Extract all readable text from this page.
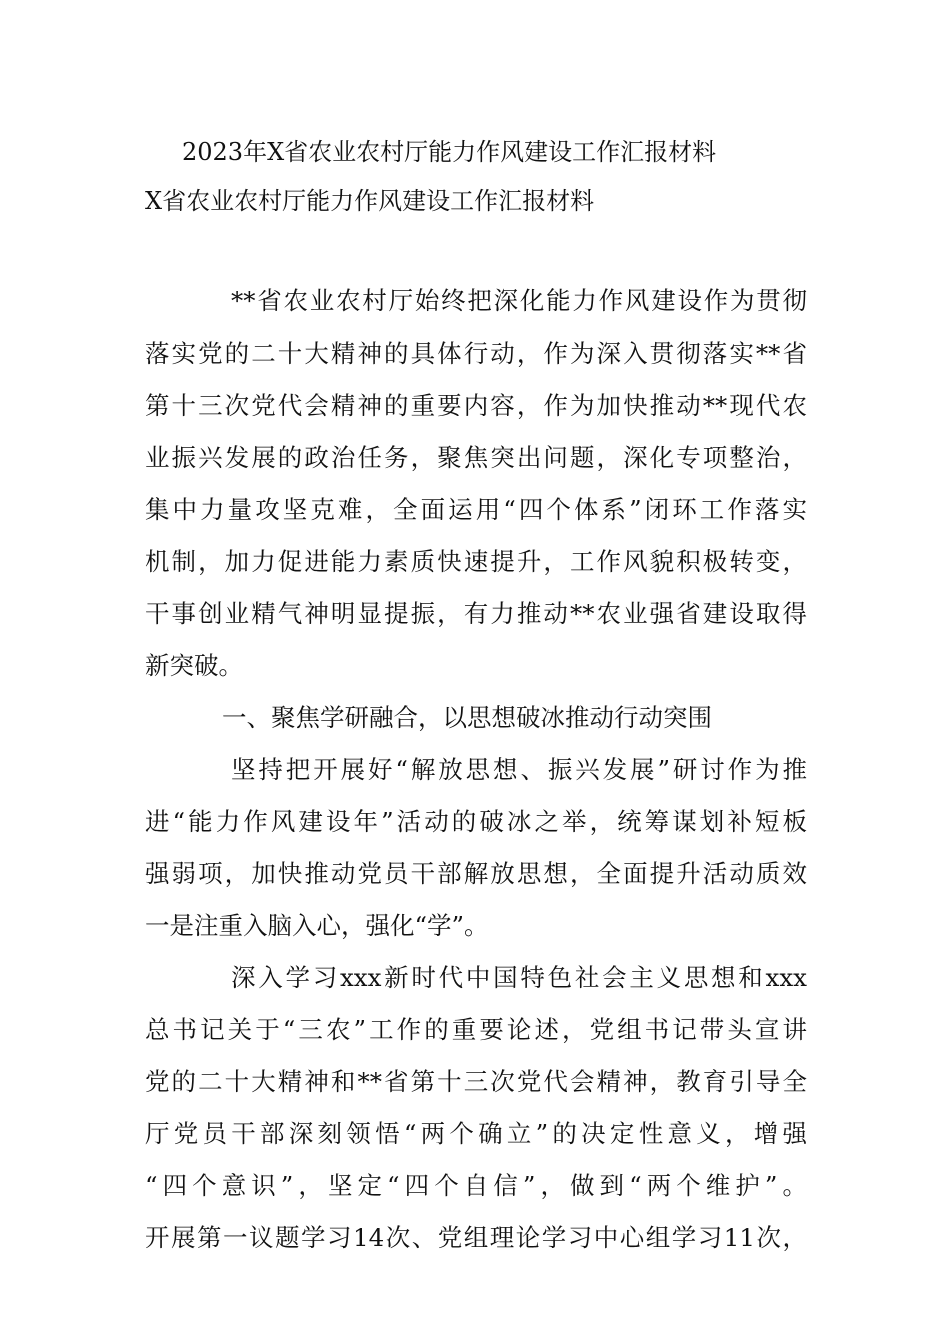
2023年X省农业农村厅能力作风建设工作汇报材料
X省农业农村厅能力作风建设工作汇报材料

**省农业农村厅始终把深化能力作风建设作为贯彻

落实党的二十大精神的具体行动，作为深入贯彻落实**省

第十三次党代会精神的重要内容，作为加快推动**现代农

业振兴发展的政治任务，聚焦突出问题，深化专项整治，

集中力量攻坚克难，全面运用“四个体系”闭环工作落实

机制，加力促进能力素质快速提升，工作风貌积极转变，

干事创业精气神明显提振，有力推动**农业强省建设取得

新突破。

一、聚焦学研融合，以思想破冰推动行动突围

坚持把开展好“解放思想、振兴发展”研讨作为推

进“能力作风建设年”活动的破冰之举，统筹谋划补短板

强弱项，加快推动党员干部解放思想，全面提升活动质效

一是注重入脑入心，强化“学”。

深入学习xxx新时代中国特色社会主义思想和xxx

总书记关于“三农”工作的重要论述，党组书记带头宣讲

党的二十大精神和**省第十三次党代会精神，教育引导全

厅党员干部深刻领悟“两个确立”的决定性意义，增强

“四个意识”，坚定“四个自信”，做到“两个维护”。

开展第一议题学习14次、党组理论学习中心组学习11次，
